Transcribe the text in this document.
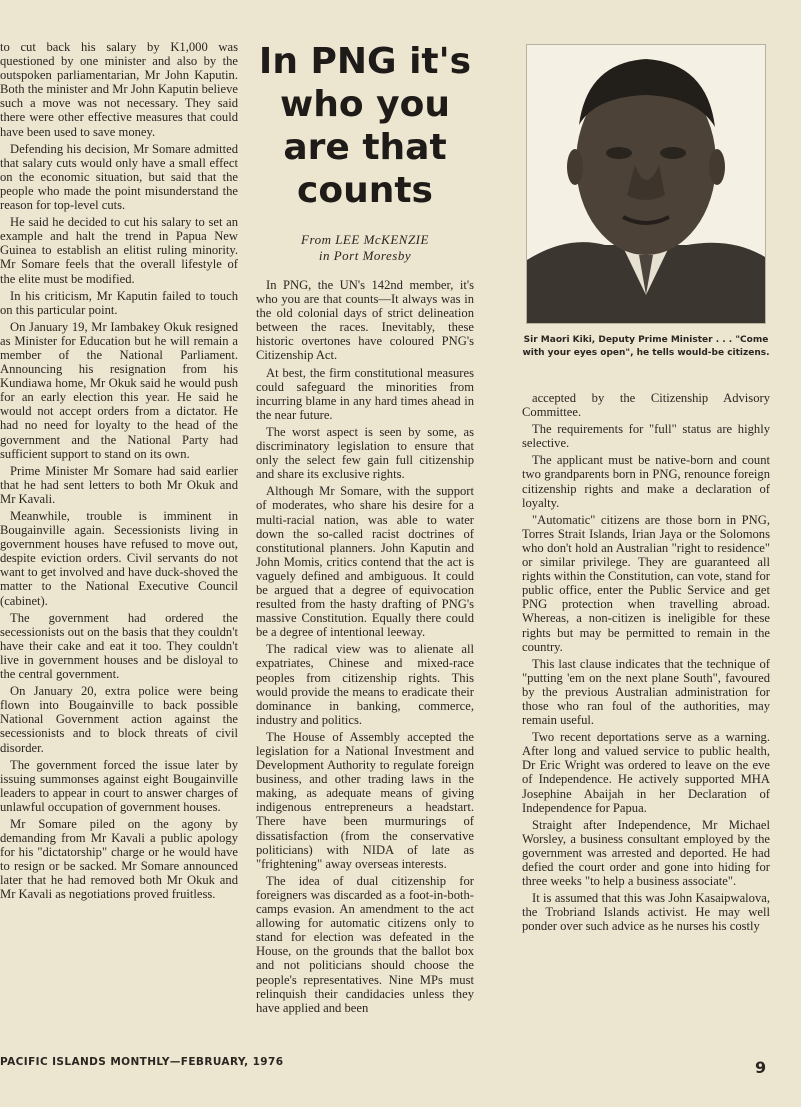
to cut back his salary by K1,000 was questioned by one minister and also by the outspoken parliamentarian, Mr John Kaputin. Both the minister and Mr John Kaputin believe such a move was not necessary. They said there were other effective measures that could have been used to save money.

Defending his decision, Mr Somare admitted that salary cuts would only have a small effect on the economic situation, but said that the people who made the point misunderstand the reason for top-level cuts.

He said he decided to cut his salary to set an example and halt the trend in Papua New Guinea to establish an elitist ruling minority. Mr Somare feels that the overall lifestyle of the elite must be modified.

In his criticism, Mr Kaputin failed to touch on this particular point.

On January 19, Mr Iambakey Okuk resigned as Minister for Education but he will remain a member of the National Parliament. Announcing his resignation from his Kundiawa home, Mr Okuk said he would push for an early election this year. He said he would not accept orders from a dictator. He had no need for loyalty to the head of the government and the National Party had sufficient support to stand on its own.

Prime Minister Mr Somare had said earlier that he had sent letters to both Mr Okuk and Mr Kavali.

Meanwhile, trouble is imminent in Bougainville again. Secessionists living in government houses have refused to move out, despite eviction orders. Civil servants do not want to get involved and have duck-shoved the matter to the National Executive Council (cabinet).

The government had ordered the secessionists out on the basis that they couldn't have their cake and eat it too. They couldn't live in government houses and be disloyal to the central government.

On January 20, extra police were being flown into Bougainville to back possible National Government action against the secessionists and to block threats of civil disorder.

The government forced the issue later by issuing summonses against eight Bougainville leaders to appear in court to answer charges of unlawful occupation of government houses.

Mr Somare piled on the agony by demanding from Mr Kavali a public apology for his "dictatorship" charge or he would have to resign or be sacked. Mr Somare announced later that he had removed both Mr Okuk and Mr Kavali as negotiations proved fruitless.

In PNG it's who you are that counts
From LEE McKENZIE
in Port Moresby

In PNG, the UN's 142nd member, it's who you are that counts—It always was in the old colonial days of strict delineation between the races. Inevitably, these historic overtones have coloured PNG's Citizenship Act.

At best, the firm constitutional measures could safeguard the minorities from incurring blame in any hard times ahead in the near future.

The worst aspect is seen by some, as discriminatory legislation to ensure that only the select few gain full citizenship and share its exclusive rights.

Although Mr Somare, with the support of moderates, who share his desire for a multi-racial nation, was able to water down the so-called racist doctrines of constitutional planners. John Kaputin and John Momis, critics contend that the act is vaguely defined and ambiguous. It could be argued that a degree of equivocation resulted from the hasty drafting of PNG's massive Constitution. Equally there could be a degree of intentional leeway.

The radical view was to alienate all expatriates, Chinese and mixed-race peoples from citizenship rights. This would provide the means to eradicate their dominance in banking, commerce, industry and politics.

The House of Assembly accepted the legislation for a National Investment and Development Authority to regulate foreign business, and other trading laws in the making, as adequate means of giving indigenous entrepreneurs a headstart. There have been murmurings of dissatisfaction (from the conservative politicians) with NIDA of late as "frightening" away overseas interests.

The idea of dual citizenship for foreigners was discarded as a foot-in-both-camps evasion. An amendment to the act allowing for automatic citizens only to stand for election was defeated in the House, on the grounds that the ballot box and not politicians should choose the people's representatives. Nine MPs must relinquish their candidacies unless they have applied and been

Sir Maori Kiki, Deputy Prime Minister . . . "Come with your eyes open", he tells would-be citizens.

accepted by the Citizenship Advisory Committee.

The requirements for "full" status are highly selective.

The applicant must be native-born and count two grandparents born in PNG, renounce foreign citizenship rights and make a declaration of loyalty.

"Automatic" citizens are those born in PNG, Torres Strait Islands, Irian Jaya or the Solomons who don't hold an Australian "right to residence" or similar privilege. They are guaranteed all rights within the Constitution, can vote, stand for public office, enter the Public Service and get PNG protection when travelling abroad. Whereas, a non-citizen is ineligible for these rights but may be permitted to remain in the country.

This last clause indicates that the technique of "putting 'em on the next plane South", favoured by the previous Australian administration for those who ran foul of the authorities, may remain useful.

Two recent deportations serve as a warning. After long and valued service to public health, Dr Eric Wright was ordered to leave on the eve of Independence. He actively supported MHA Josephine Abaijah in her Declaration of Independence for Papua.

Straight after Independence, Mr Michael Worsley, a business consultant employed by the government was arrested and deported. He had defied the court order and gone into hiding for three weeks "to help a business associate".

It is assumed that this was John Kasaipwalova, the Trobriand Islands activist. He may well ponder over such advice as he nurses his costly

PACIFIC ISLANDS MONTHLY—FEBRUARY, 1976	9
